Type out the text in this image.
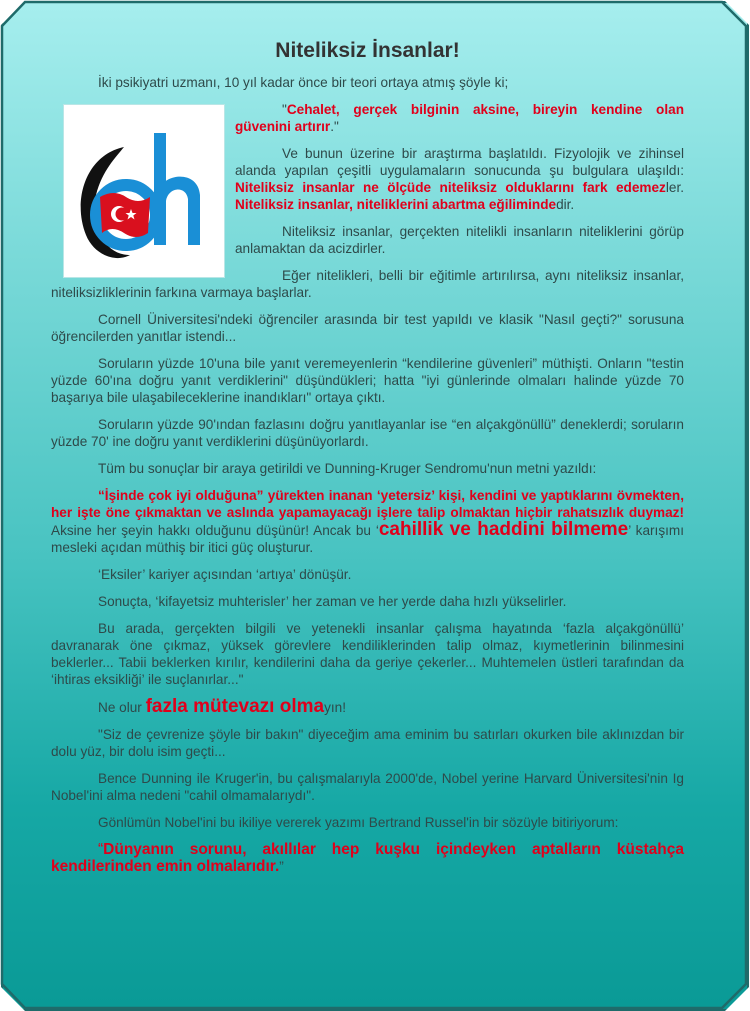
Niteliksiz İnsanlar!

İki psikiyatri uzmanı, 10 yıl kadar önce bir teori ortaya atmış şöyle ki;

"Cehalet, gerçek bilginin aksine, bireyin kendine olan güvenini artırır."

Ve bunun üzerine bir araştırma başlatıldı. Fizyolojik ve zihinsel alanda yapılan çeşitli uygulamaların sonucunda şu bulgulara ulaşıldı: Niteliksiz insanlar ne ölçüde niteliksiz olduklarını fark edemezler. Niteliksiz insanlar, niteliklerini abartma eğilimindedir.

Niteliksiz insanlar, gerçekten nitelikli insanların niteliklerini görüp anlamaktan da acizdirler.

Eğer nitelikleri, belli bir eğitimle artırılırsa, aynı niteliksiz insanlar, niteliksizliklerinin farkına varmaya başlarlar.

Cornell Üniversitesi'ndeki öğrenciler arasında bir test yapıldı ve klasik "Nasıl geçti?" sorusuna öğrencilerden yanıtlar istendi...

Soruların yüzde 10'una bile yanıt veremeyenlerin “kendilerine güvenleri” müthişti. Onların "testin yüzde 60'ına doğru yanıt verdiklerini" düşündükleri; hatta "iyi günlerinde olmaları halinde yüzde 70 başarıya bile ulaşabileceklerine inandıkları" ortaya çıktı.

Soruların yüzde 90'ından fazlasını doğru yanıtlayanlar ise “en alçakgönüllü” deneklerdi; soruların yüzde 70' ine doğru yanıt verdiklerini düşünüyorlardı.

Tüm bu sonuçlar bir araya getirildi ve Dunning-Kruger Sendromu'nun metni yazıldı:

“İşinde çok iyi olduğuna” yürekten inanan ‘yetersiz’ kişi, kendini ve yaptıklarını övmekten, her işte öne çıkmaktan ve aslında yapamayacağı işlere talip olmaktan hiçbir rahatsızlık duymaz! Aksine her şeyin hakkı olduğunu düşünür! Ancak bu ‘cahillik ve haddini bilmeme’ karışımı mesleki açıdan müthiş bir itici güç oluşturur.

‘Eksiler’ kariyer açısından ‘artıya’ dönüşür.

Sonuçta, ‘kifayetsiz muhterisler’ her zaman ve her yerde daha hızlı yükselirler.

Bu arada, gerçekten bilgili ve yetenekli insanlar çalışma hayatında ‘fazla alçakgönüllü’ davranarak öne çıkmaz, yüksek görevlere kendiliklerinden talip olmaz, kıymetlerinin bilinmesini beklerler... Tabii beklerken kırılır, kendilerini daha da geriye çekerler... Muhtemelen üstleri tarafından da ‘ihtiras eksikliği’ ile suçlanırlar..."

Ne olur fazla mütevazı olmayın!

"Siz de çevrenize şöyle bir bakın" diyeceğim ama eminim bu satırları okurken bile aklınızdan bir dolu yüz, bir dolu isim geçti...

Bence Dunning ile Kruger'in, bu çalışmalarıyla 2000'de, Nobel yerine Harvard Üniversitesi'nin Ig Nobel'ini alma nedeni "cahil olmamalarıydı".

Gönlümün Nobel'ini bu ikiliye vererek yazımı Bertrand Russel'in bir sözüyle bitiriyorum:

“Dünyanın sorunu, akıllılar hep kuşku içindeyken aptalların küstahça kendilerinden emin olmalarıdır.”
